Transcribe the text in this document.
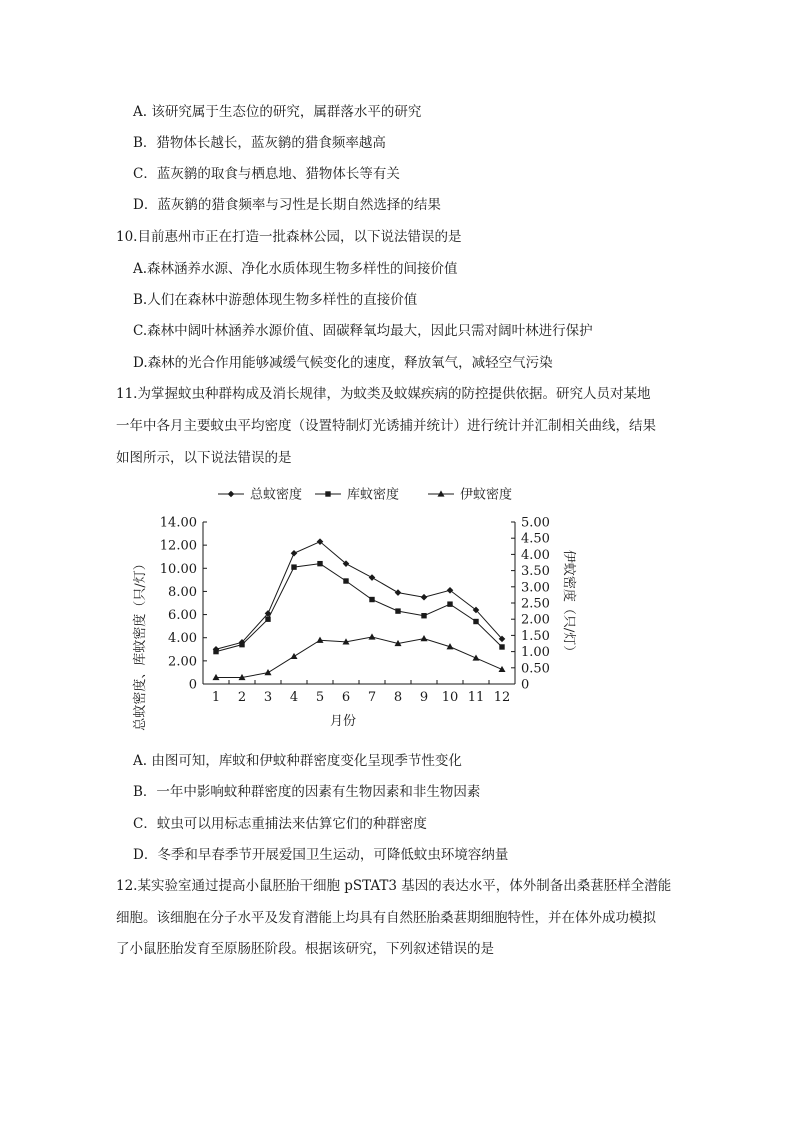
A. 该研究属于生态位的研究，属群落水平的研究
B．猎物体长越长，蓝灰鹟的猎食频率越高
C．蓝灰鹟的取食与栖息地、猎物体长等有关
D．蓝灰鹟的猎食频率与习性是长期自然选择的结果
10.目前惠州市正在打造一批森林公园，以下说法错误的是
A.森林涵养水源、净化水质体现生物多样性的间接价值
B.人们在森林中游憩体现生物多样性的直接价值
C.森林中阔叶林涵养水源价值、固碳释氧均最大，因此只需对阔叶林进行保护
D.森林的光合作用能够减缓气候变化的速度，释放氧气，减轻空气污染
11.为掌握蚊虫种群构成及消长规律，为蚊类及蚊媒疾病的防控提供依据。研究人员对某地
一年中各月主要蚊虫平均密度（设置特制灯光诱捕并统计）进行统计并汇制相关曲线，结果
如图所示，以下说法错误的是
总蚊密度	库蚊密度	伊蚊密度
0
2.00
4.00
6.00
8.00
10.00
12.00
14.00
0
0.50
1.00
1.50
2.00
2.50
3.00
3.50
4.00
4.50
5.00
1 2 3 4 5 6 7 8 9 10 11 12
总蚊密度、库蚊密度（只/灯）	伊蚊密度（只/灯）
月份
A. 由图可知，库蚊和伊蚊种群密度变化呈现季节性变化
B．一年中影响蚊种群密度的因素有生物因素和非生物因素
C．蚊虫可以用标志重捕法来估算它们的种群密度
D．冬季和早春季节开展爱国卫生运动，可降低蚊虫环境容纳量
12.某实验室通过提高小鼠胚胎干细胞 pSTAT3 基因的表达水平，体外制备出桑葚胚样全潜能
细胞。该细胞在分子水平及发育潜能上均具有自然胚胎桑葚期细胞特性，并在体外成功模拟
了小鼠胚胎发育至原肠胚阶段。根据该研究，下列叙述错误的是
